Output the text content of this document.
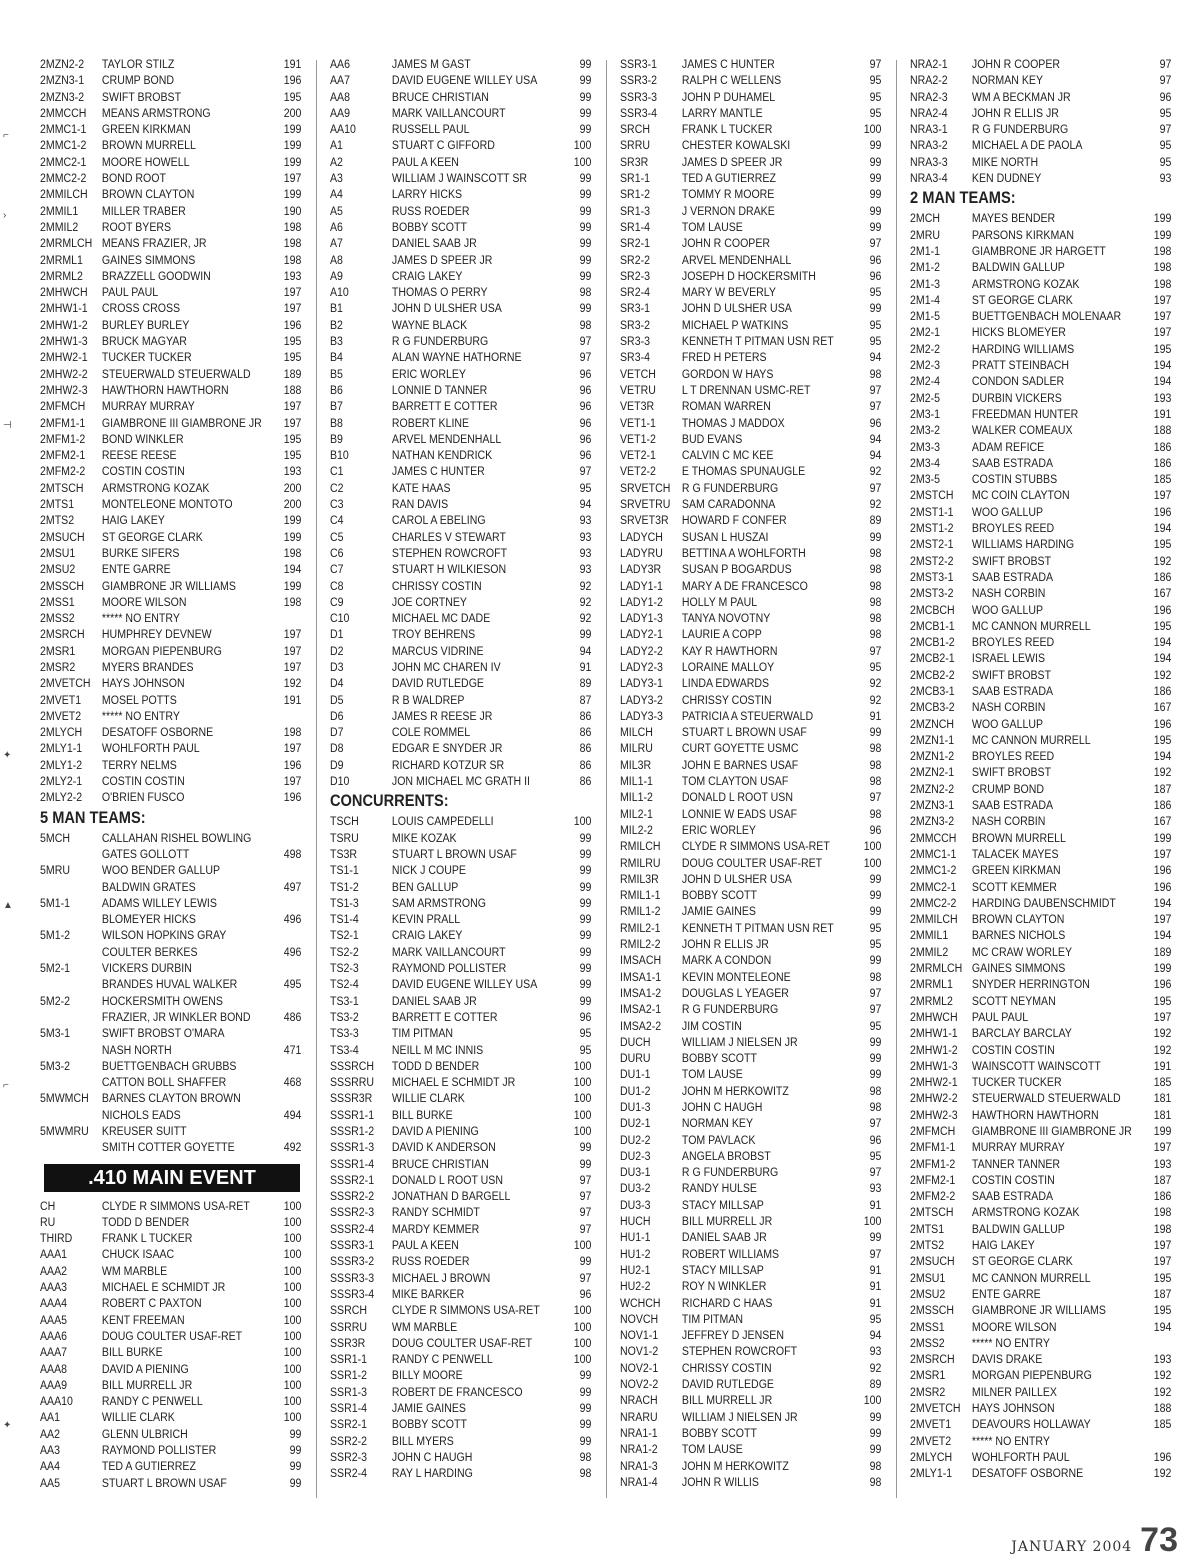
⌐
›
⊣
✦
▲
⌐
✦
2MZN2-2	TAYLOR STILZ	191
2MZN3-1	CRUMP BOND	196
2MZN3-2	SWIFT BROBST	195
2MMCCH	MEANS ARMSTRONG	200
2MMC1-1	GREEN KIRKMAN	199
2MMC1-2	BROWN MURRELL	199
2MMC2-1	MOORE HOWELL	199
2MMC2-2	BOND ROOT	197
2MMILCH	BROWN CLAYTON	199
2MMIL1	MILLER TRABER	190
2MMIL2	ROOT BYERS	198
2MRMLCH MEANS FRAZIER, JR	198
2MRML1	GAINES SIMMONS	198
2MRML2	BRAZZELL GOODWIN	193
2MHWCH	PAUL PAUL	197
2MHW1-1	CROSS CROSS	197
2MHW1-2	BURLEY BURLEY	196
2MHW1-3	BRUCK MAGYAR	195
2MHW2-1	TUCKER TUCKER	195
2MHW2-2	STEUERWALD STEUERWALD	189
2MHW2-3	HAWTHORN HAWTHORN	188
2MFMCH	MURRAY MURRAY	197
2MFM1-1	GIAMBRONE III GIAMBRONE JR	197
2MFM1-2	BOND WINKLER	195
2MFM2-1	REESE REESE	195
2MFM2-2	COSTIN COSTIN	193
2MTSCH	ARMSTRONG KOZAK	200
2MTS1	MONTELEONE MONTOTO	200
2MTS2	HAIG LAKEY	199
2MSUCH	ST GEORGE CLARK	199
2MSU1	BURKE SIFERS	198
2MSU2	ENTE GARRE	194
2MSSCH	GIAMBRONE JR WILLIAMS	199
2MSS1	MOORE WILSON	198
2MSS2	***** NO ENTRY
2MSRCH	HUMPHREY DEVNEW	197
2MSR1	MORGAN PIEPENBURG	197
2MSR2	MYERS BRANDES	197
2MVETCH HAYS JOHNSON	192
2MVET1	MOSEL POTTS	191
2MVET2	***** NO ENTRY
2MLYCH	DESATOFF OSBORNE	198
2MLY1-1	WOHLFORTH PAUL	197
2MLY1-2	TERRY NELMS	196
2MLY2-1	COSTIN COSTIN	197
2MLY2-2	O'BRIEN FUSCO	196
5 MAN TEAMS:
5MCH	CALLAHAN RISHEL BOWLING
GATES GOLLOTT	498
5MRU	WOO BENDER GALLUP
BALDWIN GRATES	497
5M1-1	ADAMS WILLEY LEWIS
BLOMEYER HICKS	496
5M1-2	WILSON HOPKINS GRAY
COULTER BERKES	496
5M2-1	VICKERS DURBIN
BRANDES HUVAL WALKER	495
5M2-2	HOCKERSMITH OWENS
FRAZIER, JR WINKLER BOND	486
5M3-1	SWIFT BROBST O'MARA
NASH NORTH	471
5M3-2	BUETTGENBACH GRUBBS
CATTON BOLL SHAFFER	468
5MWMCH	BARNES CLAYTON BROWN
NICHOLS EADS	494
5MWMRU	KREUSER SUITT
SMITH COTTER GOYETTE	492
.410 MAIN EVENT
CH	CLYDE R SIMMONS USA-RET	100
RU	TODD D BENDER	100
THIRD	FRANK L TUCKER	100
AAA1	CHUCK ISAAC	100
AAA2	WM MARBLE	100
AAA3	MICHAEL E SCHMIDT JR	100
AAA4	ROBERT C PAXTON	100
AAA5	KENT FREEMAN	100
AAA6	DOUG COULTER USAF-RET	100
AAA7	BILL BURKE	100
AAA8	DAVID A PIENING	100
AAA9	BILL MURRELL JR	100
AAA10	RANDY C PENWELL	100
AA1	WILLIE CLARK	100
AA2	GLENN ULBRICH	99
AA3	RAYMOND POLLISTER	99
AA4	TED A GUTIERREZ	99
AA5	STUART L BROWN USAF	99
AA6	JAMES M GAST	99
AA7	DAVID EUGENE WILLEY USA	99
AA8	BRUCE CHRISTIAN	99
AA9	MARK VAILLANCOURT	99
AA10	RUSSELL PAUL	99
A1	STUART C GIFFORD	100
A2	PAUL A KEEN	100
A3	WILLIAM J WAINSCOTT SR	99
A4	LARRY HICKS	99
A5	RUSS ROEDER	99
A6	BOBBY SCOTT	99
A7	DANIEL SAAB JR	99
A8	JAMES D SPEER JR	99
A9	CRAIG LAKEY	99
A10	THOMAS O PERRY	98
B1	JOHN D ULSHER USA	99
B2	WAYNE BLACK	98
B3	R G FUNDERBURG	97
B4	ALAN WAYNE HATHORNE	97
B5	ERIC WORLEY	96
B6	LONNIE D TANNER	96
B7	BARRETT E COTTER	96
B8	ROBERT KLINE	96
B9	ARVEL MENDENHALL	96
B10	NATHAN KENDRICK	96
C1	JAMES C HUNTER	97
C2	KATE HAAS	95
C3	RAN DAVIS	94
C4	CAROL A EBELING	93
C5	CHARLES V STEWART	93
C6	STEPHEN ROWCROFT	93
C7	STUART H WILKIESON	93
C8	CHRISSY COSTIN	92
C9	JOE CORTNEY	92
C10	MICHAEL MC DADE	92
D1	TROY BEHRENS	99
D2	MARCUS VIDRINE	94
D3	JOHN MC CHAREN IV	91
D4	DAVID RUTLEDGE	89
D5	R B WALDREP	87
D6	JAMES R REESE JR	86
D7	COLE ROMMEL	86
D8	EDGAR E SNYDER JR	86
D9	RICHARD KOTZUR SR	86
D10	JON MICHAEL MC GRATH II	86
CONCURRENTS:
TSCH	LOUIS CAMPEDELLI	100
TSRU	MIKE KOZAK	99
TS3R	STUART L BROWN USAF	99
TS1-1	NICK J COUPE	99
TS1-2	BEN GALLUP	99
TS1-3	SAM ARMSTRONG	99
TS1-4	KEVIN PRALL	99
TS2-1	CRAIG LAKEY	99
TS2-2	MARK VAILLANCOURT	99
TS2-3	RAYMOND POLLISTER	99
TS2-4	DAVID EUGENE WILLEY USA	99
TS3-1	DANIEL SAAB JR	99
TS3-2	BARRETT E COTTER	96
TS3-3	TIM PITMAN	95
TS3-4	NEILL M MC INNIS	95
SSSRCH	TODD D BENDER	100
SSSRRU	MICHAEL E SCHMIDT JR	100
SSSR3R	WILLIE CLARK	100
SSSR1-1	BILL BURKE	100
SSSR1-2	DAVID A PIENING	100
SSSR1-3	DAVID K ANDERSON	99
SSSR1-4	BRUCE CHRISTIAN	99
SSSR2-1	DONALD L ROOT USN	97
SSSR2-2	JONATHAN D BARGELL	97
SSSR2-3	RANDY SCHMIDT	97
SSSR2-4	MARDY KEMMER	97
SSSR3-1	PAUL A KEEN	100
SSSR3-2	RUSS ROEDER	99
SSSR3-3	MICHAEL J BROWN	97
SSSR3-4	MIKE BARKER	96
SSRCH	CLYDE R SIMMONS USA-RET	100
SSRRU	WM MARBLE	100
SSR3R	DOUG COULTER USAF-RET	100
SSR1-1	RANDY C PENWELL	100
SSR1-2	BILLY MOORE	99
SSR1-3	ROBERT DE FRANCESCO	99
SSR1-4	JAMIE GAINES	99
SSR2-1	BOBBY SCOTT	99
SSR2-2	BILL MYERS	99
SSR2-3	JOHN C HAUGH	98
SSR2-4	RAY L HARDING	98
SSR3-1	JAMES C HUNTER	97
SSR3-2	RALPH C WELLENS	95
SSR3-3	JOHN P DUHAMEL	95
SSR3-4	LARRY MANTLE	95
SRCH	FRANK L TUCKER	100
SRRU	CHESTER KOWALSKI	99
SR3R	JAMES D SPEER JR	99
SR1-1	TED A GUTIERREZ	99
SR1-2	TOMMY R MOORE	99
SR1-3	J VERNON DRAKE	99
SR1-4	TOM LAUSE	99
SR2-1	JOHN R COOPER	97
SR2-2	ARVEL MENDENHALL	96
SR2-3	JOSEPH D HOCKERSMITH	96
SR2-4	MARY W BEVERLY	95
SR3-1	JOHN D ULSHER USA	99
SR3-2	MICHAEL P WATKINS	95
SR3-3	KENNETH T PITMAN USN RET	95
SR3-4	FRED H PETERS	94
VETCH	GORDON W HAYS	98
VETRU	L T DRENNAN USMC-RET	97
VET3R	ROMAN WARREN	97
VET1-1	THOMAS J MADDOX	96
VET1-2	BUD EVANS	94
VET2-1	CALVIN C MC KEE	94
VET2-2	E THOMAS SPUNAUGLE	92
SRVETCH R G FUNDERBURG	97
SRVETRU SAM CARADONNA	92
SRVET3R	HOWARD F CONFER	89
LADYCH	SUSAN L HUSZAI	99
LADYRU	BETTINA A WOHLFORTH	98
LADY3R	SUSAN P BOGARDUS	98
LADY1-1	MARY A DE FRANCESCO	98
LADY1-2	HOLLY M PAUL	98
LADY1-3	TANYA NOVOTNY	98
LADY2-1	LAURIE A COPP	98
LADY2-2	KAY R HAWTHORN	97
LADY2-3	LORAINE MALLOY	95
LADY3-1	LINDA EDWARDS	92
LADY3-2	CHRISSY COSTIN	92
LADY3-3	PATRICIA A STEUERWALD	91
MILCH	STUART L BROWN USAF	99
MILRU	CURT GOYETTE USMC	98
MIL3R	JOHN E BARNES USAF	98
MIL1-1	TOM CLAYTON USAF	98
MIL1-2	DONALD L ROOT USN	97
MIL2-1	LONNIE W EADS USAF	98
MIL2-2	ERIC WORLEY	96
RMILCH	CLYDE R SIMMONS USA-RET	100
RMILRU	DOUG COULTER USAF-RET	100
RMIL3R	JOHN D ULSHER USA	99
RMIL1-1	BOBBY SCOTT	99
RMIL1-2	JAMIE GAINES	99
RMIL2-1	KENNETH T PITMAN USN RET	95
RMIL2-2	JOHN R ELLIS JR	95
IMSACH	MARK A CONDON	99
IMSA1-1	KEVIN MONTELEONE	98
IMSA1-2	DOUGLAS L YEAGER	97
IMSA2-1	R G FUNDERBURG	97
IMSA2-2	JIM COSTIN	95
DUCH	WILLIAM J NIELSEN JR	99
DURU	BOBBY SCOTT	99
DU1-1	TOM LAUSE	99
DU1-2	JOHN M HERKOWITZ	98
DU1-3	JOHN C HAUGH	98
DU2-1	NORMAN KEY	97
DU2-2	TOM PAVLACK	96
DU2-3	ANGELA BROBST	95
DU3-1	R G FUNDERBURG	97
DU3-2	RANDY HULSE	93
DU3-3	STACY MILLSAP	91
HUCH	BILL MURRELL JR	100
HU1-1	DANIEL SAAB JR	99
HU1-2	ROBERT WILLIAMS	97
HU2-1	STACY MILLSAP	91
HU2-2	ROY N WINKLER	91
WCHCH	RICHARD C HAAS	91
NOVCH	TIM PITMAN	95
NOV1-1	JEFFREY D JENSEN	94
NOV1-2	STEPHEN ROWCROFT	93
NOV2-1	CHRISSY COSTIN	92
NOV2-2	DAVID RUTLEDGE	89
NRACH	BILL MURRELL JR	100
NRARU	WILLIAM J NIELSEN JR	99
NRA1-1	BOBBY SCOTT	99
NRA1-2	TOM LAUSE	99
NRA1-3	JOHN M HERKOWITZ	98
NRA1-4	JOHN R WILLIS	98
NRA2-1	JOHN R COOPER	97
NRA2-2	NORMAN KEY	97
NRA2-3	WM A BECKMAN JR	96
NRA2-4	JOHN R ELLIS JR	95
NRA3-1	R G FUNDERBURG	97
NRA3-2	MICHAEL A DE PAOLA	95
NRA3-3	MIKE NORTH	95
NRA3-4	KEN DUDNEY	93
2 MAN TEAMS:
2MCH	MAYES BENDER	199
2MRU	PARSONS KIRKMAN	199
2M1-1	GIAMBRONE JR HARGETT	198
2M1-2	BALDWIN GALLUP	198
2M1-3	ARMSTRONG KOZAK	198
2M1-4	ST GEORGE CLARK	197
2M1-5	BUETTGENBACH MOLENAAR	197
2M2-1	HICKS BLOMEYER	197
2M2-2	HARDING WILLIAMS	195
2M2-3	PRATT STEINBACH	194
2M2-4	CONDON SADLER	194
2M2-5	DURBIN VICKERS	193
2M3-1	FREEDMAN HUNTER	191
2M3-2	WALKER COMEAUX	188
2M3-3	ADAM REFICE	186
2M3-4	SAAB ESTRADA	186
2M3-5	COSTIN STUBBS	185
2MSTCH	MC COIN CLAYTON	197
2MST1-1	WOO GALLUP	196
2MST1-2	BROYLES REED	194
2MST2-1	WILLIAMS HARDING	195
2MST2-2	SWIFT BROBST	192
2MST3-1	SAAB ESTRADA	186
2MST3-2	NASH CORBIN	167
2MCBCH	WOO GALLUP	196
2MCB1-1	MC CANNON MURRELL	195
2MCB1-2	BROYLES REED	194
2MCB2-1	ISRAEL LEWIS	194
2MCB2-2	SWIFT BROBST	192
2MCB3-1	SAAB ESTRADA	186
2MCB3-2	NASH CORBIN	167
2MZNCH	WOO GALLUP	196
2MZN1-1	MC CANNON MURRELL	195
2MZN1-2	BROYLES REED	194
2MZN2-1	SWIFT BROBST	192
2MZN2-2	CRUMP BOND	187
2MZN3-1	SAAB ESTRADA	186
2MZN3-2	NASH CORBIN	167
2MMCCH	BROWN MURRELL	199
2MMC1-1	TALACEK MAYES	197
2MMC1-2	GREEN KIRKMAN	196
2MMC2-1	SCOTT KEMMER	196
2MMC2-2	HARDING DAUBENSCHMIDT	194
2MMILCH	BROWN CLAYTON	197
2MMIL1	BARNES NICHOLS	194
2MMIL2	MC CRAW WORLEY	189
2MRMLCH GAINES SIMMONS	199
2MRML1	SNYDER HERRINGTON	196
2MRML2	SCOTT NEYMAN	195
2MHWCH	PAUL PAUL	197
2MHW1-1	BARCLAY BARCLAY	192
2MHW1-2	COSTIN COSTIN	192
2MHW1-3	WAINSCOTT WAINSCOTT	191
2MHW2-1	TUCKER TUCKER	185
2MHW2-2	STEUERWALD STEUERWALD	181
2MHW2-3	HAWTHORN HAWTHORN	181
2MFMCH	GIAMBRONE III GIAMBRONE JR	199
2MFM1-1	MURRAY MURRAY	197
2MFM1-2	TANNER TANNER	193
2MFM2-1	COSTIN COSTIN	187
2MFM2-2	SAAB ESTRADA	186
2MTSCH	ARMSTRONG KOZAK	198
2MTS1	BALDWIN GALLUP	198
2MTS2	HAIG LAKEY	197
2MSUCH	ST GEORGE CLARK	197
2MSU1	MC CANNON MURRELL	195
2MSU2	ENTE GARRE	187
2MSSCH	GIAMBRONE JR WILLIAMS	195
2MSS1	MOORE WILSON	194
2MSS2	***** NO ENTRY
2MSRCH	DAVIS DRAKE	193
2MSR1	MORGAN PIEPENBURG	192
2MSR2	MILNER PAILLEX	192
2MVETCH HAYS JOHNSON	188
2MVET1	DEAVOURS HOLLAWAY	185
2MVET2	***** NO ENTRY
2MLYCH	WOHLFORTH PAUL	196
2MLY1-1	DESATOFF OSBORNE	192
JANUARY 2004 73
